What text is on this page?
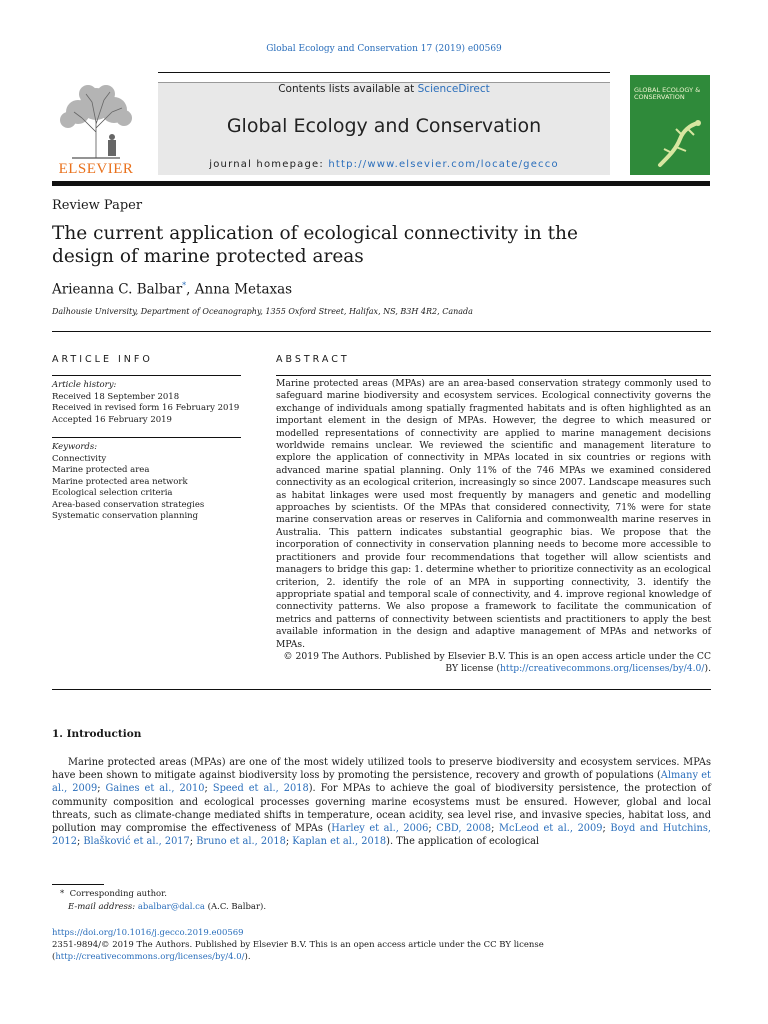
Global Ecology and Conservation 17 (2019) e00569
ELSEVIER
Contents lists available at ScienceDirect
Global Ecology and Conservation
journal homepage: http://www.elsevier.com/locate/gecco
GLOBAL ECOLOGY & CONSERVATION
Review Paper
The current application of ecological connectivity in the
design of marine protected areas
Arieanna C. Balbar*, Anna Metaxas
Dalhousie University, Department of Oceanography, 1355 Oxford Street, Halifax, NS, B3H 4R2, Canada
ARTICLE INFO
Article history:
Received 18 September 2018
Received in revised form 16 February 2019
Accepted 16 February 2019
Keywords:
Connectivity
Marine protected area
Marine protected area network
Ecological selection criteria
Area-based conservation strategies
Systematic conservation planning
ABSTRACT
Marine protected areas (MPAs) are an area-based conservation strategy commonly used to safeguard marine biodiversity and ecosystem services. Ecological connectivity governs the exchange of individuals among spatially fragmented habitats and is often highlighted as an important element in the design of MPAs. However, the degree to which measured or modelled representations of connectivity are applied to marine management decisions worldwide remains unclear. We reviewed the scientific and management literature to explore the application of connectivity in MPAs located in six countries or regions with advanced marine spatial planning. Only 11% of the 746 MPAs we examined considered connectivity as an ecological criterion, increasingly so since 2007. Landscape measures such as habitat linkages were used most frequently by managers and genetic and modelling approaches by scientists. Of the MPAs that considered connectivity, 71% were for state marine conservation areas or reserves in California and commonwealth marine reserves in Australia. This pattern indicates substantial geographic bias. We propose that the incorporation of connectivity in conservation planning needs to become more accessible to practitioners and provide four recommendations that together will allow scientists and managers to bridge this gap: 1. determine whether to prioritize connectivity as an ecological criterion, 2. identify the role of an MPA in supporting connectivity, 3. identify the appropriate spatial and temporal scale of connectivity, and 4. improve regional knowledge of connectivity patterns. We also propose a framework to facilitate the communication of metrics and patterns of connectivity between scientists and practitioners to apply the best available information in the design and adaptive management of MPAs and networks of MPAs.
© 2019 The Authors. Published by Elsevier B.V. This is an open access article under the CC BY license (http://creativecommons.org/licenses/by/4.0/).
1. Introduction
Marine protected areas (MPAs) are one of the most widely utilized tools to preserve biodiversity and ecosystem services. MPAs have been shown to mitigate against biodiversity loss by promoting the persistence, recovery and growth of populations (Almany et al., 2009; Gaines et al., 2010; Speed et al., 2018). For MPAs to achieve the goal of biodiversity persistence, the protection of community composition and ecological processes governing marine ecosystems must be ensured. However, global and local threats, such as climate-change mediated shifts in temperature, ocean acidity, sea level rise, and invasive species, habitat loss, and pollution may compromise the effectiveness of MPAs (Harley et al., 2006; CBD, 2008; McLeod et al., 2009; Boyd and Hutchins, 2012; Blašković et al., 2017; Bruno et al., 2018; Kaplan et al., 2018). The application of ecological
* Corresponding author.
E-mail address: abalbar@dal.ca (A.C. Balbar).
https://doi.org/10.1016/j.gecco.2019.e00569
2351-9894/© 2019 The Authors. Published by Elsevier B.V. This is an open access article under the CC BY license (http://creativecommons.org/licenses/by/4.0/).
